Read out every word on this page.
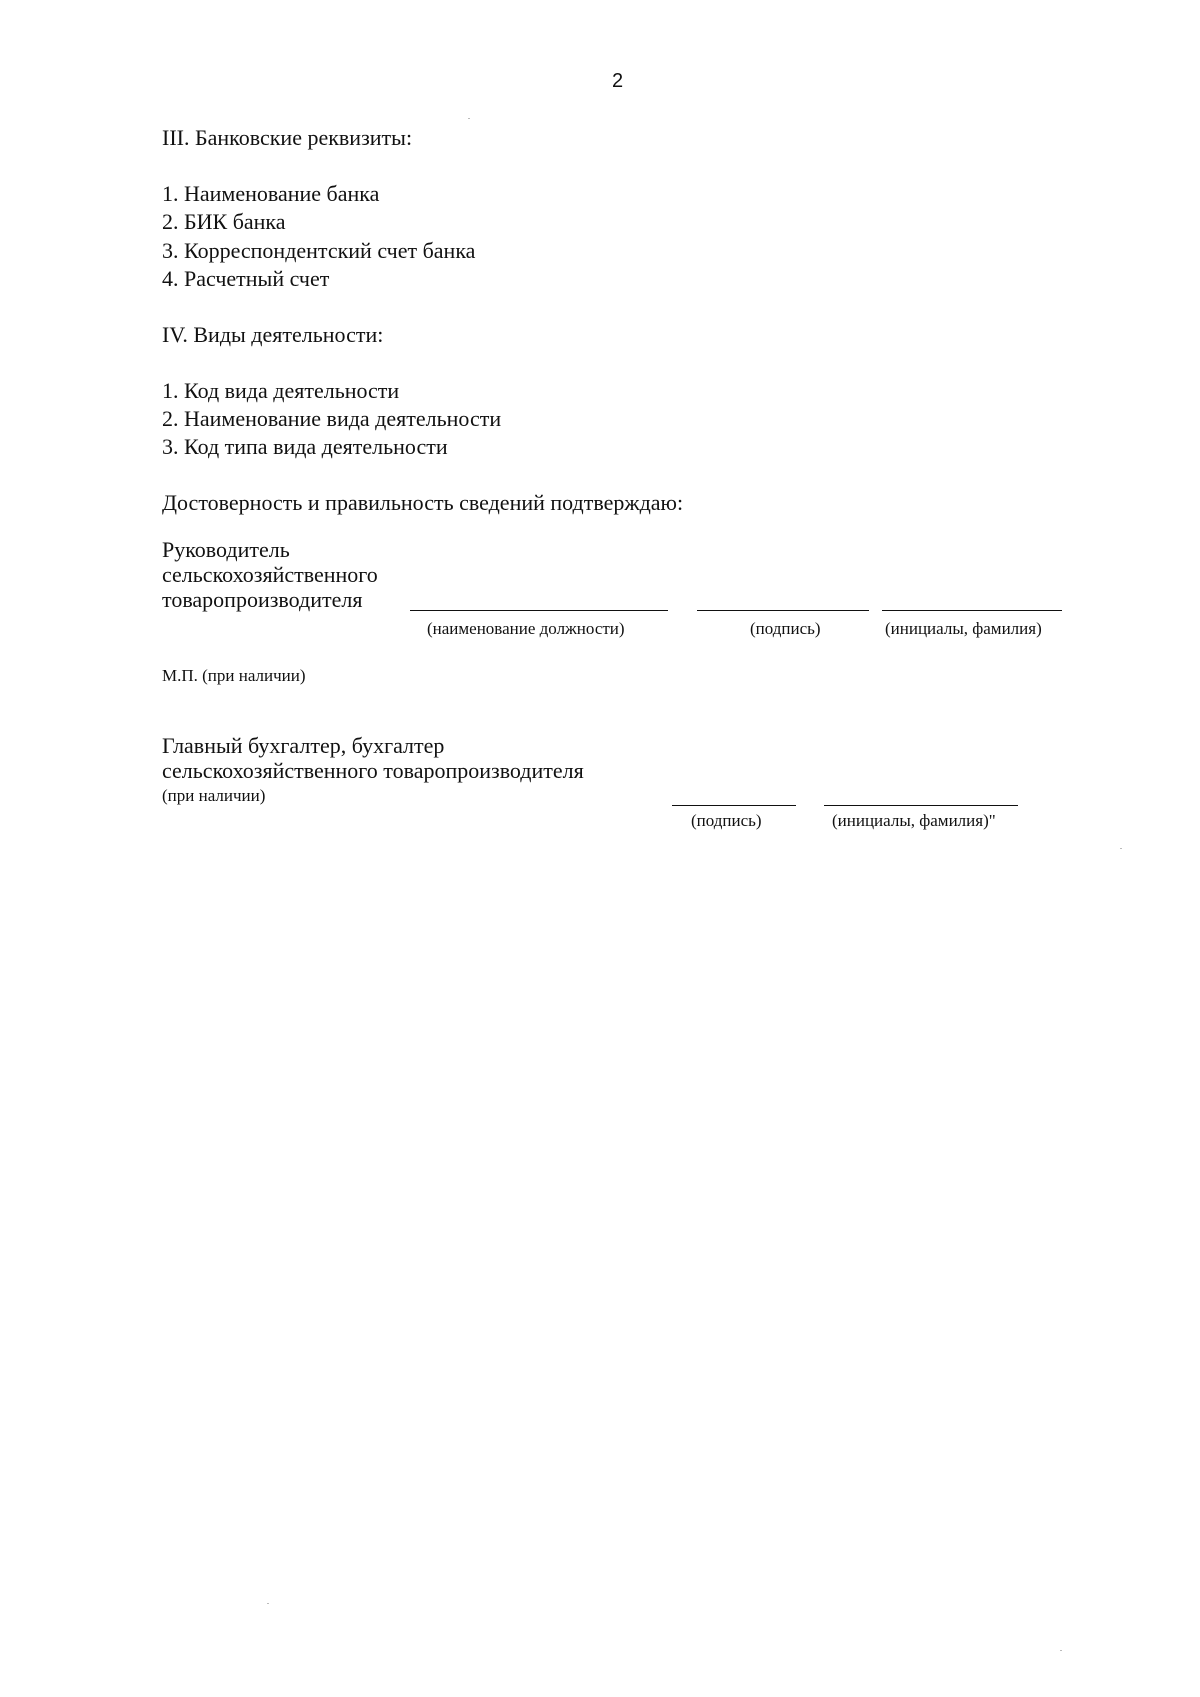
2
III. Банковские реквизиты:
1. Наименование банка
2. БИК банка
3. Корреспондентский счет банка
4. Расчетный счет
IV. Виды деятельности:
1. Код вида деятельности
2. Наименование вида деятельности
3. Код типа вида деятельности
Достоверность и правильность сведений подтверждаю:
Руководитель
сельскохозяйственного
товаропроизводителя
(наименование должности)	(подпись)	(инициалы, фамилия)
М.П. (при наличии)
Главный бухгалтер, бухгалтер
сельскохозяйственного товаропроизводителя
(при наличии)
(подпись)	(инициалы, фамилия)"
